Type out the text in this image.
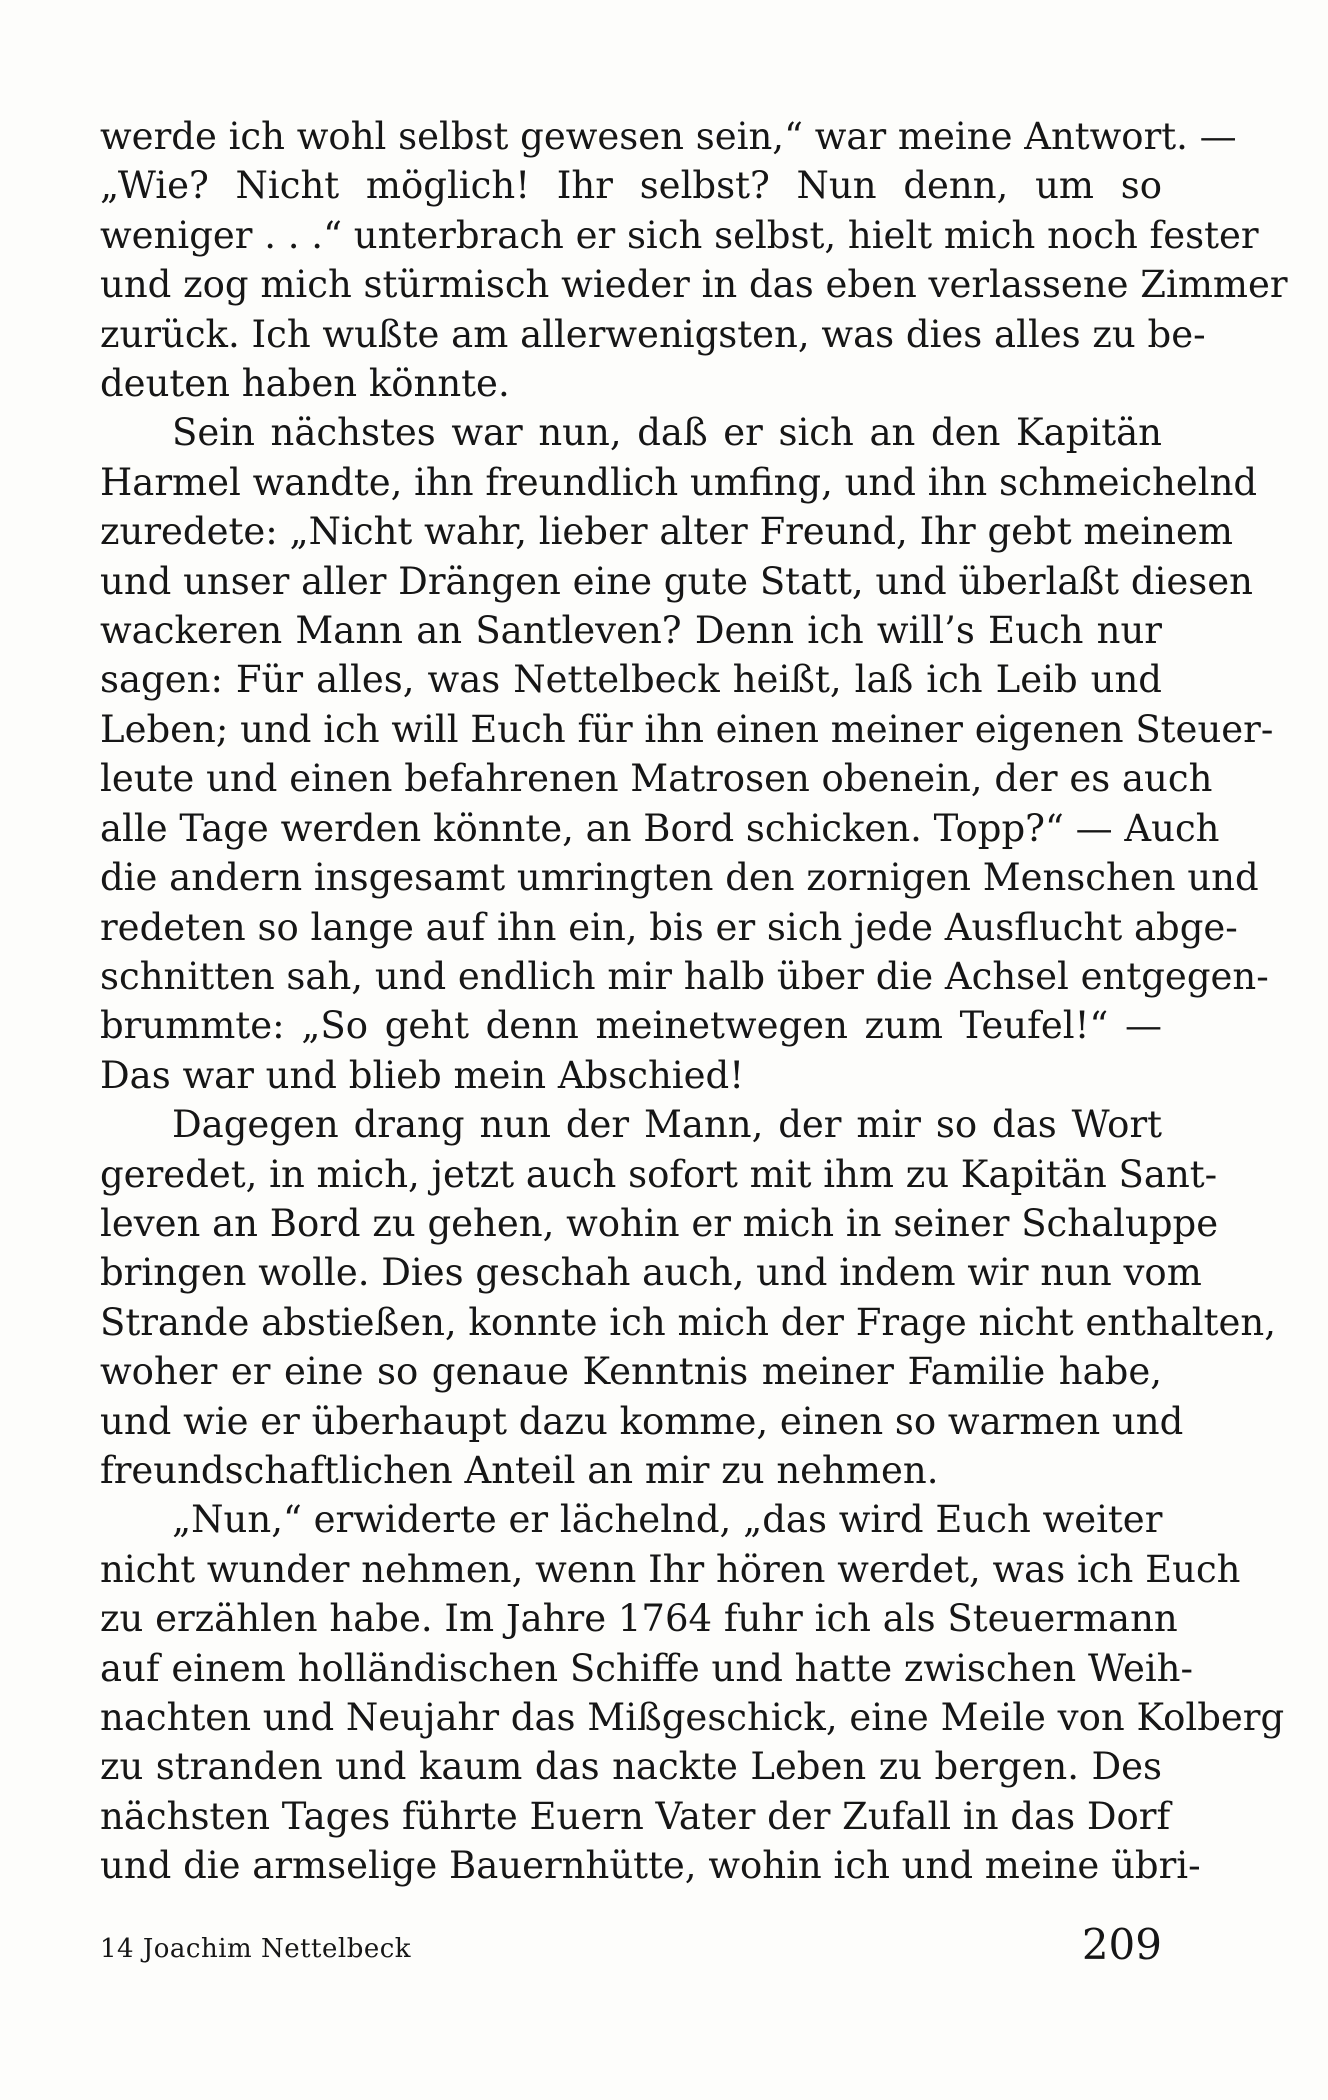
werde ich wohl selbst gewesen sein,“ war meine Antwort. —
„Wie? Nicht möglich! Ihr selbst? Nun denn, um so
weniger . . .“ unterbrach er sich selbst, hielt mich noch fester
und zog mich stürmisch wieder in das eben verlassene Zimmer
zurück. Ich wußte am allerwenigsten, was dies alles zu be-
deuten haben könnte.
Sein nächstes war nun, daß er sich an den Kapitän
Harmel wandte, ihn freundlich umfing, und ihn schmeichelnd
zuredete: „Nicht wahr, lieber alter Freund, Ihr gebt meinem
und unser aller Drängen eine gute Statt, und überlaßt diesen
wackeren Mann an Santleven? Denn ich will’s Euch nur
sagen: Für alles, was Nettelbeck heißt, laß ich Leib und
Leben; und ich will Euch für ihn einen meiner eigenen Steuer-
leute und einen befahrenen Matrosen obenein, der es auch
alle Tage werden könnte, an Bord schicken. Topp?“ — Auch
die andern insgesamt umringten den zornigen Menschen und
redeten so lange auf ihn ein, bis er sich jede Ausflucht abge-
schnitten sah, und endlich mir halb über die Achsel entgegen-
brummte: „So geht denn meinetwegen zum Teufel!“ —
Das war und blieb mein Abschied!
Dagegen drang nun der Mann, der mir so das Wort
geredet, in mich, jetzt auch sofort mit ihm zu Kapitän Sant-
leven an Bord zu gehen, wohin er mich in seiner Schaluppe
bringen wolle. Dies geschah auch, und indem wir nun vom
Strande abstießen, konnte ich mich der Frage nicht enthalten,
woher er eine so genaue Kenntnis meiner Familie habe,
und wie er überhaupt dazu komme, einen so warmen und
freundschaftlichen Anteil an mir zu nehmen.
„Nun,“ erwiderte er lächelnd, „das wird Euch weiter
nicht wunder nehmen, wenn Ihr hören werdet, was ich Euch
zu erzählen habe. Im Jahre 1764 fuhr ich als Steuermann
auf einem holländischen Schiffe und hatte zwischen Weih-
nachten und Neujahr das Mißgeschick, eine Meile von Kolberg
zu stranden und kaum das nackte Leben zu bergen. Des
nächsten Tages führte Euern Vater der Zufall in das Dorf
und die armselige Bauernhütte, wohin ich und meine übri-
14 Joachim Nettelbeck	209
